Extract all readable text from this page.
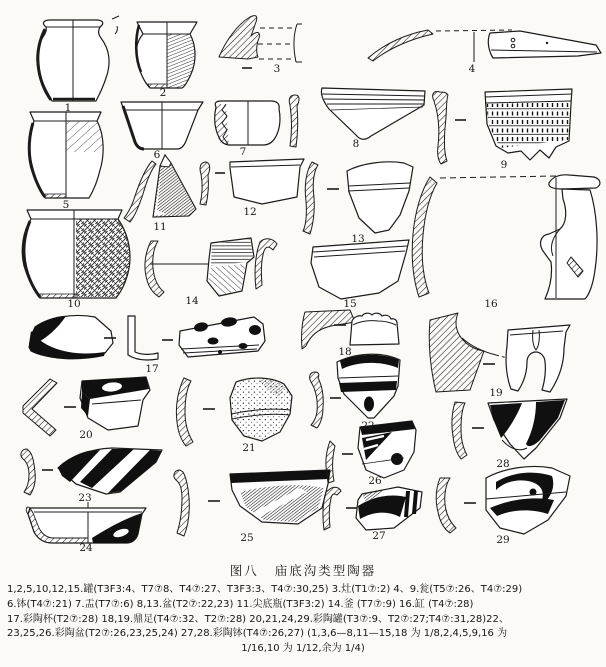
1
2
3	4
5
6	7
8
9
10
11
12
13
14	15	16
17
18
19
20
21
22
23
24
25
26
27
28
29
图八 庙底沟类型陶器
1,2,5,10,12,15.罐(T3F3:4、T7⑦8、T4⑦:27、T3F3:3、T4⑦:30,25) 3.灶(T1⑦:2) 4、9.瓮(T5⑦:26、T4⑦:29)
6.钵(T4⑦:21) 7.盂(T7⑦:6) 8,13.盆(T2⑦:22,23) 11.尖底瓶(T3F3:2) 14.釜 (T7⑦:9) 16.缸 (T4⑦:28)
17.彩陶杯(T2⑦:28) 18,19.鼎足(T4⑦:32、T2⑦:28) 20,21,24,29.彩陶罐(T3⑦:9、T2⑦:27;T4⑦:31,28)22、
23,25,26.彩陶盆(T2⑦:26,23,25,24) 27,28.彩陶钵(T4⑦:26,27) (1,3,6—8,11—15,18 为 1/8,2,4,5,9,16 为
1/16,10 为 1/12,余为 1/4)
